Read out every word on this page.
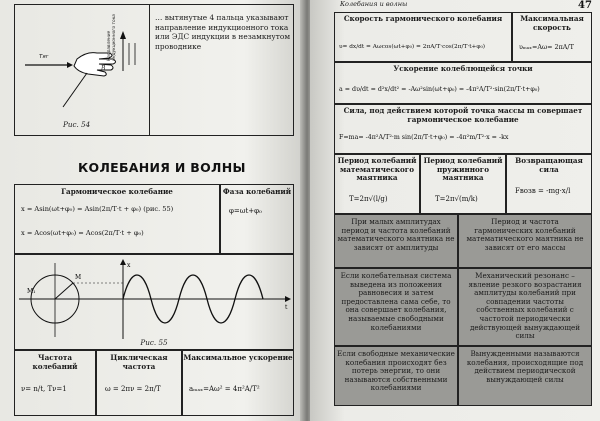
Тяг
В
Направление индукционного тока
Рис. 54
… вытянутые 4 пальца указывают направление индукционного тока или ЭДС индукции в незамкнутом проводнике
КОЛЕБАНИЯ И ВОЛНЫ
Гармоническое колебание
x = Asin(ωt+φ₀) = Asin(2π/T·t + φ₀) (рис. 55)
x = Acos(ωt+φ₀) = Acos(2π/T·t + φ₀)
Фаза колебаний
φ=ωt+φ₀
M₁
M
x
t
Рис. 55
Частота колебаний
ν= n/t, Tν=1
Циклическая частота
ω = 2πν = 2π/T
Максимальное ускорение
aₘₐₓ=Aω² = 4π²A/T²
Колебания и волны	47
Скорость гармонического колебания
υ= dx/dt = Aωcos(ωt+φ₀) = 2πA/T·cos(2π/T·t+φ₀)
Максимальная скорость
υₘₐₓ=Aω= 2πA/T
Ускорение колеблющейся точки
a = dυ/dt = d²x/dt² = -Aω²sin(ωt+φ₀) = -4π²A/T²·sin(2π/T·t+φ₀)
Сила, под действием которой точка массы m совершает гармоническое колебание
F=ma= -4π²A/T²·m sin(2π/T·t+φ₀) = -4π²m/T²·x = -kx
Период колебаний математического маятника
T=2π√(l/g)
Период колебаний пружинного маятника
T=2π√(m/k)
Возвращающая сила
Fвозв = -mg·x/l
При малых амплитудах период и частота колебаний математического маятника не зависят от амплитуды
Период и частота гармонических колебаний математического маятника не зависят от его массы
Если колебательная система выведена из положения равновесия и затем предоставлена сама себе, то она совершает колебания, называемые свободными колебаниями
Механический резонанс – явление резкого возрастания амплитуды колебаний при совпадении частоты собственных колебаний с частотой периодически действующей вынуждающей силы
Если свободные механические колебания происходят без потерь энергии, то они называются собственными колебаниями
Вынужденными называются колебания, происходящие под действием периодической вынуждающей силы
